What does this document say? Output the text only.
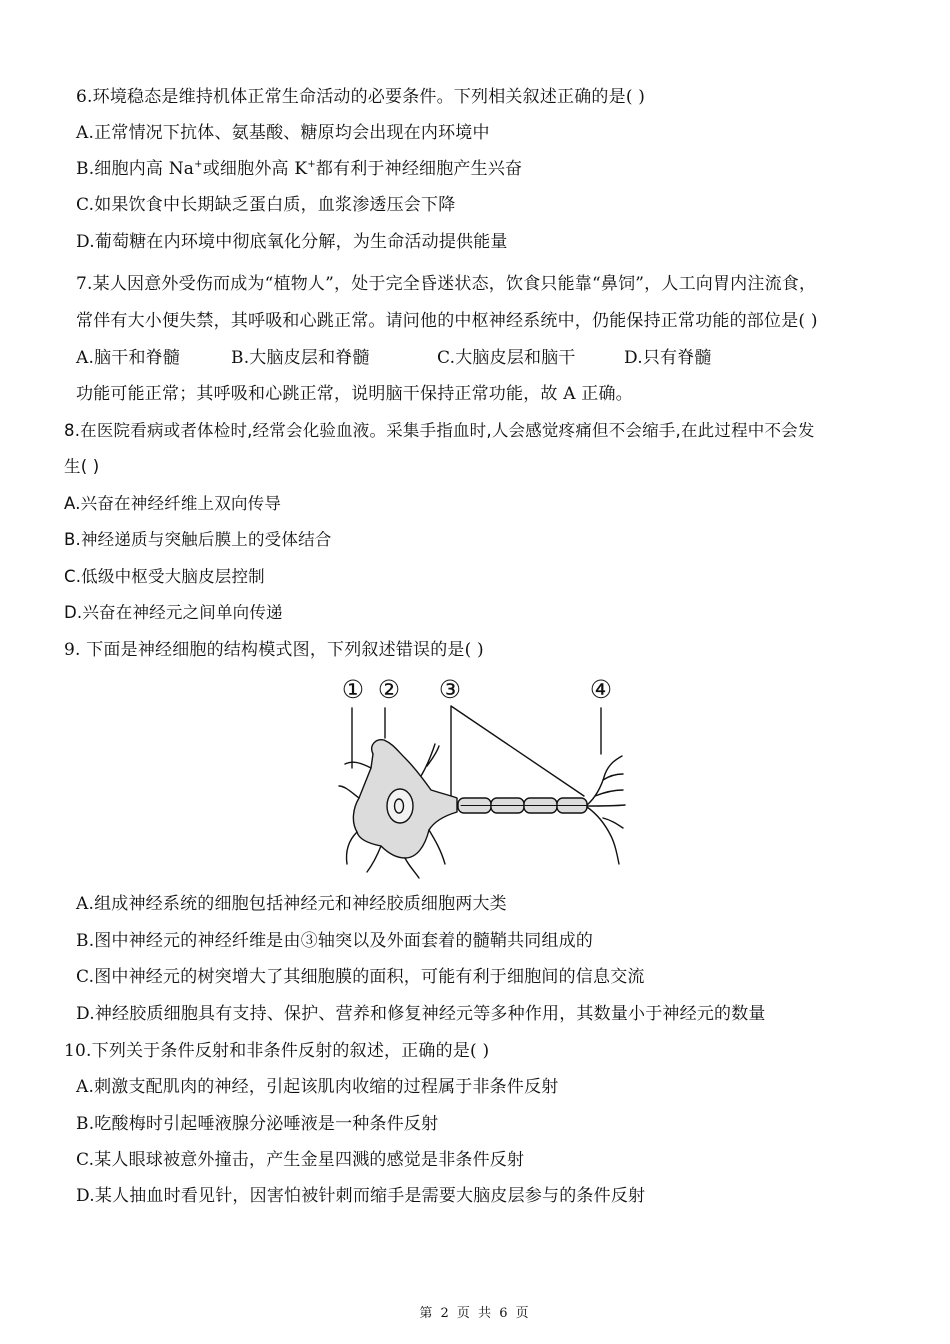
6.环境稳态是维持机体正常生命活动的必要条件。下列相关叙述正确的是( )
A.正常情况下抗体、氨基酸、糖原均会出现在内环境中
B.细胞内高 Na+或细胞外高 K+都有利于神经细胞产生兴奋
C.如果饮食中长期缺乏蛋白质，血浆渗透压会下降
D.葡萄糖在内环境中彻底氧化分解，为生命活动提供能量
7.某人因意外受伤而成为“植物人”，处于完全昏迷状态，饮食只能靠“鼻饲”，人工向胃内注流食，
常伴有大小便失禁，其呼吸和心跳正常。请问他的中枢神经系统中，仍能保持正常功能的部位是( )
A.脑干和脊髓	B.大脑皮层和脊髓	C.大脑皮层和脑干	D.只有脊髓
功能可能正常；其呼吸和心跳正常，说明脑干保持正常功能，故 A 正确。
8.在医院看病或者体检时,经常会化验血液。采集手指血时,人会感觉疼痛但不会缩手,在此过程中不会发
生( )
A.兴奋在神经纤维上双向传导
B.神经递质与突触后膜上的受体结合
C.低级中枢受大脑皮层控制
D.兴奋在神经元之间单向传递
9. 下面是神经细胞的结构模式图，下列叙述错误的是( )
① ② ③	④
A.组成神经系统的细胞包括神经元和神经胶质细胞两大类
B.图中神经元的神经纤维是由③轴突以及外面套着的髓鞘共同组成的
C.图中神经元的树突增大了其细胞膜的面积，可能有利于细胞间的信息交流
D.神经胶质细胞具有支持、保护、营养和修复神经元等多种作用，其数量小于神经元的数量
10.下列关于条件反射和非条件反射的叙述，正确的是( )
A.刺激支配肌肉的神经，引起该肌肉收缩的过程属于非条件反射
B.吃酸梅时引起唾液腺分泌唾液是一种条件反射
C.某人眼球被意外撞击，产生金星四溅的感觉是非条件反射
D.某人抽血时看见针，因害怕被针刺而缩手是需要大脑皮层参与的条件反射
第 2 页 共 6 页
